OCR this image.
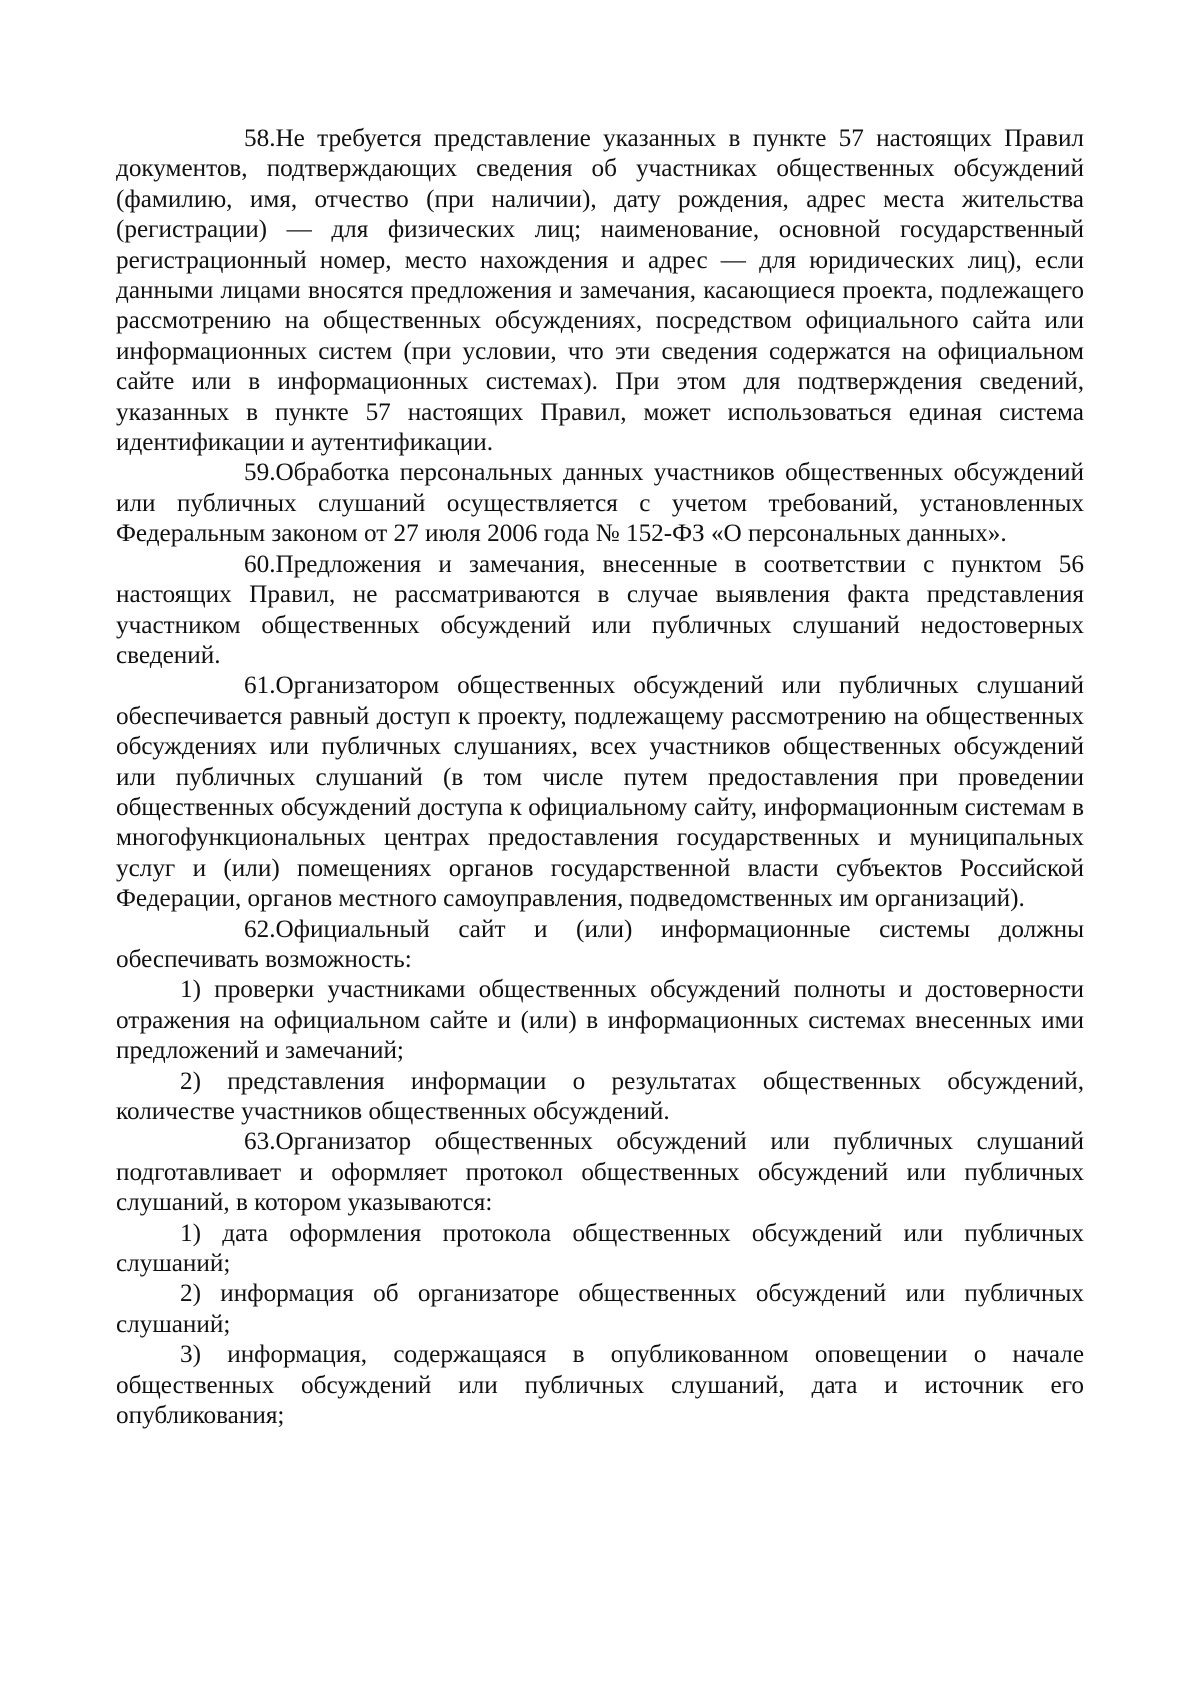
58.Не требуется представление указанных в пункте 57 настоящих Правил документов, подтверждающих сведения об участниках общественных обсуждений (фамилию, имя, отчество (при наличии), дату рождения, адрес места жительства (регистрации) — для физических лиц; наименование, основной государственный регистрационный номер, место нахождения и адрес — для юридических лиц), если данными лицами вносятся предложения и замечания, касающиеся проекта, подлежащего рассмотрению на общественных обсуждениях, посредством официального сайта или информационных систем (при условии, что эти сведения содержатся на официальном сайте или в информационных системах). При этом для подтверждения сведений, указанных в пункте 57 настоящих Правил, может использоваться единая система идентификации и аутентификации.

59.Обработка персональных данных участников общественных обсуждений или публичных слушаний осуществляется с учетом требований, установленных Федеральным законом от 27 июля 2006 года № 152-ФЗ «О персональных данных».

60.Предложения и замечания, внесенные в соответствии с пунктом 56 настоящих Правил, не рассматриваются в случае выявления факта представления участником общественных обсуждений или публичных слушаний недостоверных сведений.

61.Организатором общественных обсуждений или публичных слушаний обеспечивается равный доступ к проекту, подлежащему рассмотрению на общественных обсуждениях или публичных слушаниях, всех участников общественных обсуждений или публичных слушаний (в том числе путем предоставления при проведении общественных обсуждений доступа к официальному сайту, информационным системам в многофункциональных центрах предоставления государственных и муниципальных услуг и (или) помещениях органов государственной власти субъектов Российской Федерации, органов местного самоуправления, подведомственных им организаций).

62.Официальный сайт и (или) информационные системы должны обеспечивать возможность:

1) проверки участниками общественных обсуждений полноты и достоверности отражения на официальном сайте и (или) в информационных системах внесенных ими предложений и замечаний;

2) представления информации о результатах общественных обсуждений, количестве участников общественных обсуждений.

63.Организатор общественных обсуждений или публичных слушаний подготавливает и оформляет протокол общественных обсуждений или публичных слушаний, в котором указываются:

1) дата оформления протокола общественных обсуждений или публичных слушаний;

2) информация об организаторе общественных обсуждений или публичных слушаний;

3) информация, содержащаяся в опубликованном оповещении о начале общественных обсуждений или публичных слушаний, дата и источник его опубликования;
